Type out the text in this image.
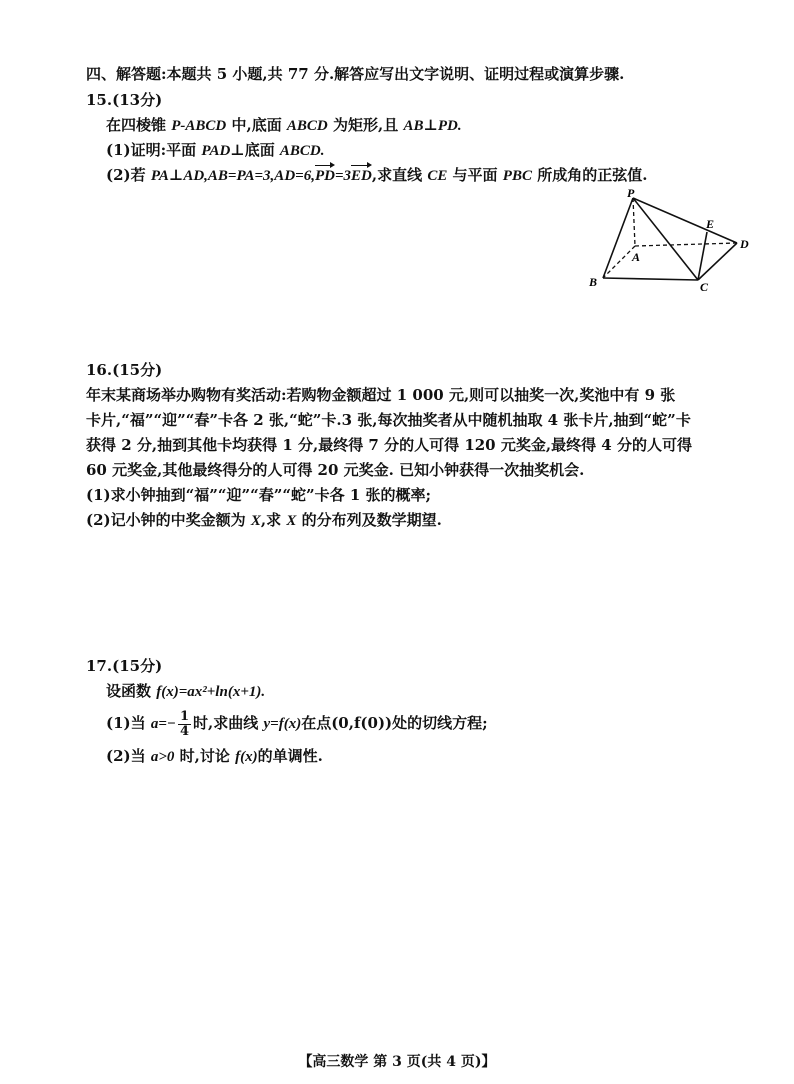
四、解答题:本题共 5 小题,共 77 分.解答应写出文字说明、证明过程或演算步骤.
15.(13分)
在四棱锥 P-ABCD 中,底面 ABCD 为矩形,且 AB⊥PD.
(1)证明:平面 PAD⊥底面 ABCD.
(2)若 PA⊥AD,AB=PA=3,AD=6,PD=3ED,求直线 CE 与平面 PBC 所成角的正弦值.
P
A
B	C
D
E
16.(15分)
年末某商场举办购物有奖活动:若购物金额超过 1 000 元,则可以抽奖一次,奖池中有 9 张
卡片,“福”“迎”“春”卡各 2 张,“蛇”卡.3 张,每次抽奖者从中随机抽取 4 张卡片,抽到“蛇”卡
获得 2 分,抽到其他卡均获得 1 分,最终得 7 分的人可得 120 元奖金,最终得 4 分的人可得
60 元奖金,其他最终得分的人可得 20 元奖金. 已知小钟获得一次抽奖机会.
(1)求小钟抽到“福”“迎”“春”“蛇”卡各 1 张的概率;
(2)记小钟的中奖金额为 X,求 X 的分布列及数学期望.
17.(15分)
设函数 f(x)=ax²+ln(x+1).
(1)当 $a=- \frac{1}{4}$ 时,求曲线 y=f(x)在点(0,f(0))处的切线方程;
(2)当 a>0 时,讨论 f(x)的单调性.
【高三数学 第 3 页(共 4 页)】
